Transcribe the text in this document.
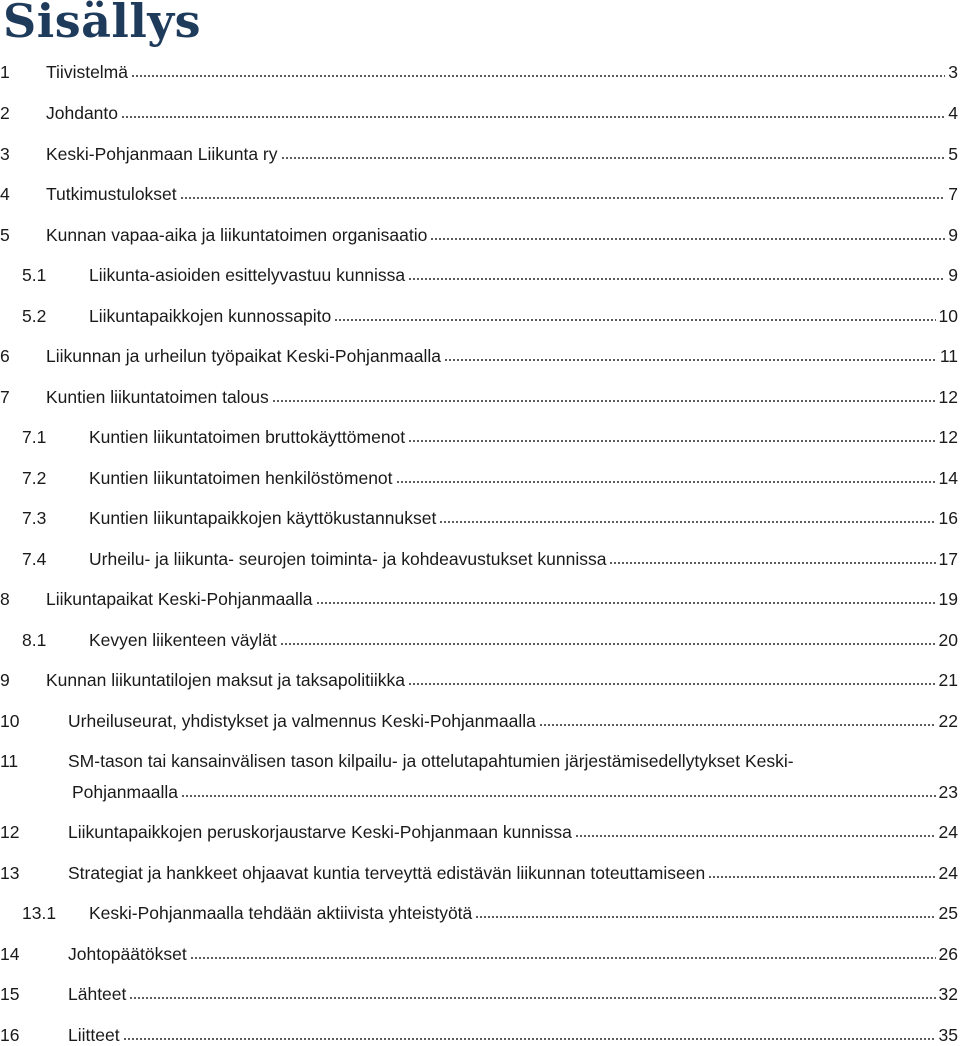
Sisällys
1 Tiivistelmä	3
2 Johdanto	4
3 Keski-Pohjanmaan Liikunta ry	5
4 Tutkimustulokset	7
5 Kunnan vapaa-aika ja liikuntatoimen organisaatio	9
5.1 Liikunta-asioiden esittelyvastuu kunnissa	9
5.2 Liikuntapaikkojen kunnossapito	10
6 Liikunnan ja urheilun työpaikat Keski-Pohjanmaalla	11
7 Kuntien liikuntatoimen talous	12
7.1 Kuntien liikuntatoimen bruttokäyttömenot	12
7.2 Kuntien liikuntatoimen henkilöstömenot	14
7.3 Kuntien liikuntapaikkojen käyttökustannukset	16
7.4 Urheilu- ja liikunta- seurojen toiminta- ja kohdeavustukset kunnissa	17
8 Liikuntapaikat Keski-Pohjanmaalla	19
8.1 Kevyen liikenteen väylät	20
9 Kunnan liikuntatilojen maksut ja taksapolitiikka	21
10	Urheiluseurat, yhdistykset ja valmennus Keski-Pohjanmaalla	22
11	SM-tason tai kansainvälisen tason kilpailu- ja ottelutapahtumien järjestämisedellytykset Keski-
Pohjanmaalla	23
12	Liikuntapaikkojen peruskorjaustarve Keski-Pohjanmaan kunnissa	24
13	Strategiat ja hankkeet ohjaavat kuntia terveyttä edistävän liikunnan toteuttamiseen	24
13.1 Keski-Pohjanmaalla tehdään aktiivista yhteistyötä	25
14	Johtopäätökset	26
15	Lähteet	32
16	Liitteet	35
